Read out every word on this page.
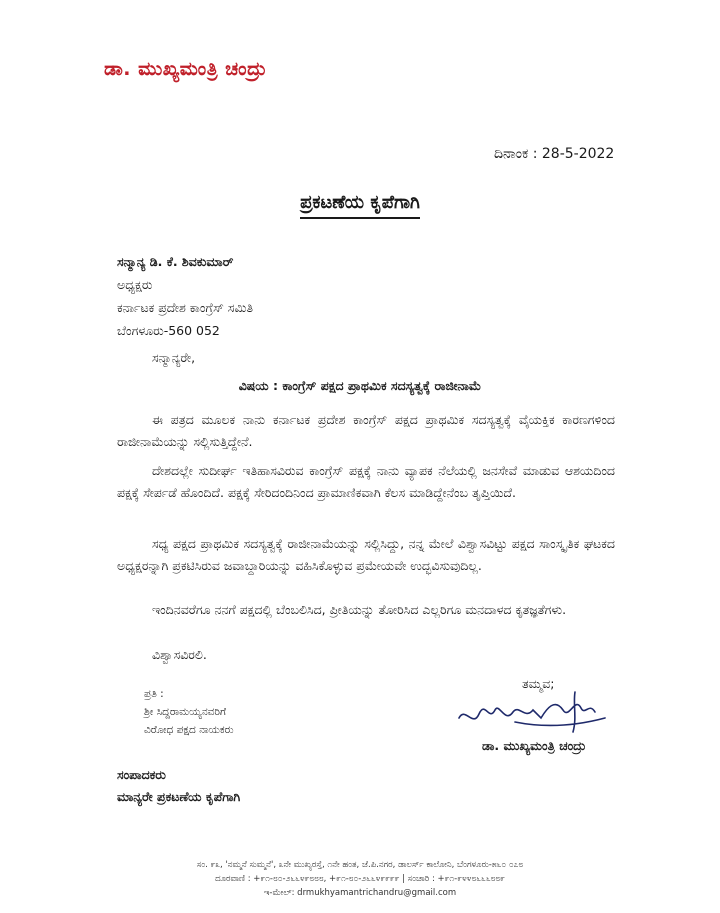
ಡಾ. ಮುಖ್ಯಮಂತ್ರಿ ಚಂದ್ರು
ದಿನಾಂಕ : 28-5-2022
ಪ್ರಕಟಣೆಯ ಕೃಪೆಗಾಗಿ
ಸನ್ಮಾನ್ಯ ಡಿ. ಕೆ. ಶಿವಕುಮಾರ್
ಅಧ್ಯಕ್ಷರು
ಕರ್ನಾಟಕ ಪ್ರದೇಶ ಕಾಂಗ್ರೆಸ್ ಸಮಿತಿ
ಬೆಂಗಳೂರು-560 052
ಸನ್ಮಾನ್ಯರೇ,
ವಿಷಯ : ಕಾಂಗ್ರೆಸ್ ಪಕ್ಷದ ಪ್ರಾಥಮಿಕ ಸದಸ್ಯತ್ವಕ್ಕೆ ರಾಜೀನಾಮೆ
ಈ ಪತ್ರದ ಮೂಲಕ ನಾನು ಕರ್ನಾಟಕ ಪ್ರದೇಶ ಕಾಂಗ್ರೆಸ್ ಪಕ್ಷದ ಪ್ರಾಥಮಿಕ ಸದಸ್ಯತ್ವಕ್ಕೆ ವೈಯಕ್ತಿಕ ಕಾರಣಗಳಿಂದ ರಾಜೀನಾಮೆಯನ್ನು ಸಲ್ಲಿಸುತ್ತಿದ್ದೇನೆ.
ದೇಶದಲ್ಲೇ ಸುದೀರ್ಘ ಇತಿಹಾಸವಿರುವ ಕಾಂಗ್ರೆಸ್ ಪಕ್ಷಕ್ಕೆ ನಾನು ವ್ಯಾಪಕ ನೆಲೆಯಲ್ಲಿ ಜನಸೇವೆ ಮಾಡುವ ಆಶಯದಿಂದ ಪಕ್ಷಕ್ಕೆ ಸೇರ್ಪಡೆ ಹೊಂದಿದೆ. ಪಕ್ಷಕ್ಕೆ ಸೇರಿದಂದಿನಿಂದ ಪ್ರಾಮಾಣಿಕವಾಗಿ ಕೆಲಸ ಮಾಡಿದ್ದೇನೆಂಬ ತೃಪ್ತಿಯಿದೆ.
ಸಧ್ಯ ಪಕ್ಷದ ಪ್ರಾಥಮಿಕ ಸದಸ್ಯತ್ವಕ್ಕೆ ರಾಜೀನಾಮೆಯನ್ನು ಸಲ್ಲಿಸಿದ್ದು, ನನ್ನ ಮೇಲೆ ವಿಶ್ವಾಸವಿಟ್ಟು ಪಕ್ಷದ ಸಾಂಸ್ಕೃತಿಕ ಘಟಕದ ಅಧ್ಯಕ್ಷರನ್ನಾಗಿ ಪ್ರಕಟಿಸಿರುವ ಜವಾಬ್ದಾರಿಯನ್ನು ವಹಿಸಿಕೊಳ್ಳುವ ಪ್ರಮೇಯವೇ ಉದ್ಭವಿಸುವುದಿಲ್ಲ.
ಇಂದಿನವರೆಗೂ ನನಗೆ ಪಕ್ಷದಲ್ಲಿ ಬೆಂಬಲಿಸಿದ, ಪ್ರೀತಿಯನ್ನು ತೋರಿಸಿದ ಎಲ್ಲರಿಗೂ ಮನದಾಳದ ಕೃತಜ್ಞತೆಗಳು.
ವಿಶ್ವಾಸವಿರಲಿ.
ಪ್ರತಿ :
ಶ್ರೀ ಸಿದ್ದರಾಮಯ್ಯನವರಿಗೆ
ವಿರೋಧ ಪಕ್ಷದ ನಾಯಕರು
ತಮ್ಮವ;
ಡಾ. ಮುಖ್ಯಮಂತ್ರಿ ಚಂದ್ರು
ಸಂಪಾದಕರು
ಮಾನ್ಯರೇ ಪ್ರಕಟಣೆಯ ಕೃಪೆಗಾಗಿ
ಸಂ. ೯೩, 'ನಮ್ಮನೆ ಸುಮ್ಮನೆ', ೩ನೇ ಮುಖ್ಯರಸ್ತೆ, ೧ನೇ ಹಂತ, ಜೆ.ಪಿ.ನಗರ, ಡಾಲರ್ಸ್ ಕಾಲೋನಿ, ಬೆಂಗಳೂರು-೫೬೦ ೦೭೮
ದೂರವಾಣಿ : +೯೧-೮೦-೨೬೬೪೯೮೮೮, +೯೧-೮೦-೨೬೬೪೯೯೯೯ | ಸಂಚಾರಿ : +೯೧-೯೪೪೮೬೬೬೮೮೯
ಇ-ಮೇಲ್: drmukhyamantrichandru@gmail.com
